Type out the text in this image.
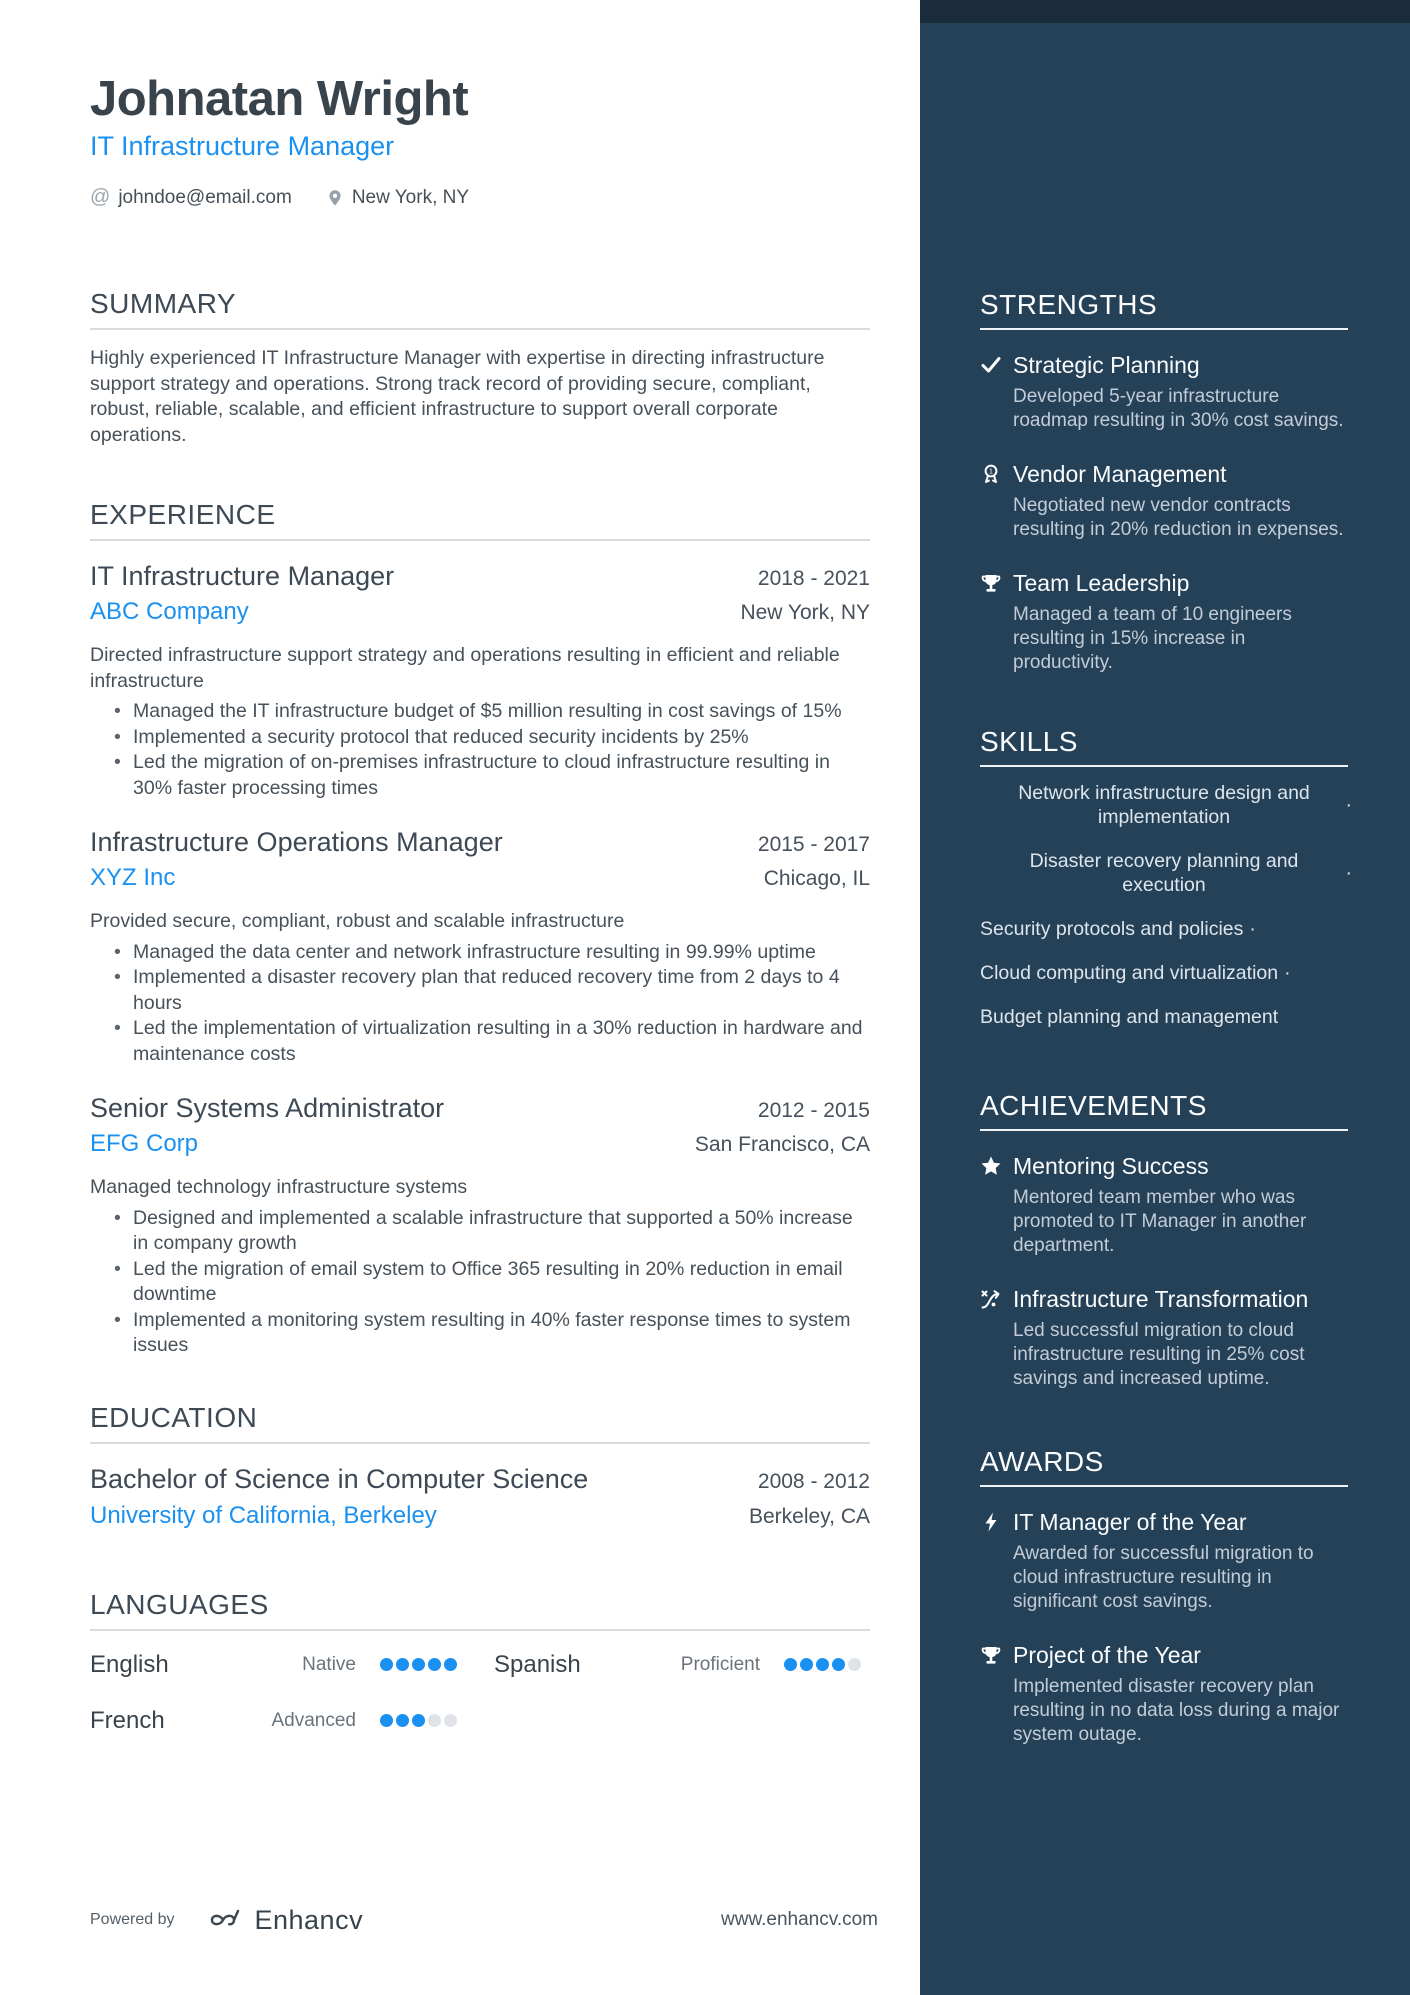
Johnatan Wright
IT Infrastructure Manager
@ johndoe@email.com	New York, NY
SUMMARY

Highly experienced IT Infrastructure Manager with expertise in directing infrastructure support strategy and operations. Strong track record of providing secure, compliant, robust, reliable, scalable, and efficient infrastructure to support overall corporate operations.

EXPERIENCE
IT Infrastructure Manager	2018 - 2021
ABC Company	New York, NY

Directed infrastructure support strategy and operations resulting in efficient and reliable infrastructure

• Managed the IT infrastructure budget of $5 million resulting in cost savings of 15%
• Implemented a security protocol that reduced security incidents by 25%
• Led the migration of on-premises infrastructure to cloud infrastructure resulting in 30% faster processing times
Infrastructure Operations Manager	2015 - 2017
XYZ Inc	Chicago, IL

Provided secure, compliant, robust and scalable infrastructure

• Managed the data center and network infrastructure resulting in 99.99% uptime
• Implemented a disaster recovery plan that reduced recovery time from 2 days to 4 hours
• Led the implementation of virtualization resulting in a 30% reduction in hardware and maintenance costs
Senior Systems Administrator	2012 - 2015
EFG Corp	San Francisco, CA

Managed technology infrastructure systems

• Designed and implemented a scalable infrastructure that supported a 50% increase in company growth
• Led the migration of email system to Office 365 resulting in 20% reduction in email downtime
• Implemented a monitoring system resulting in 40% faster response times to system issues
EDUCATION
Bachelor of Science in Computer Science	2008 - 2012
University of California, Berkeley	Berkeley, CA
LANGUAGES
English	Native	Spanish	Proficient
French	Advanced
Powered by	Enhancv	www.enhancv.com
STRENGTHS
Strategic Planning
Developed 5-year infrastructure roadmap resulting in 30% cost savings.
1 Vendor Management
Negotiated new vendor contracts resulting in 20% reduction in expenses.
Team Leadership
Managed a team of 10 engineers resulting in 15% increase in productivity.
SKILLS
Network infrastructure design and implementation
·
Disaster recovery planning and execution
·
Security protocols and policies ·
Cloud computing and virtualization ·
Budget planning and management
ACHIEVEMENTS
Mentoring Success
Mentored team member who was promoted to IT Manager in another department.
Infrastructure Transformation
Led successful migration to cloud infrastructure resulting in 25% cost savings and increased uptime.
AWARDS
IT Manager of the Year
Awarded for successful migration to cloud infrastructure resulting in significant cost savings.
Project of the Year
Implemented disaster recovery plan resulting in no data loss during a major system outage.
